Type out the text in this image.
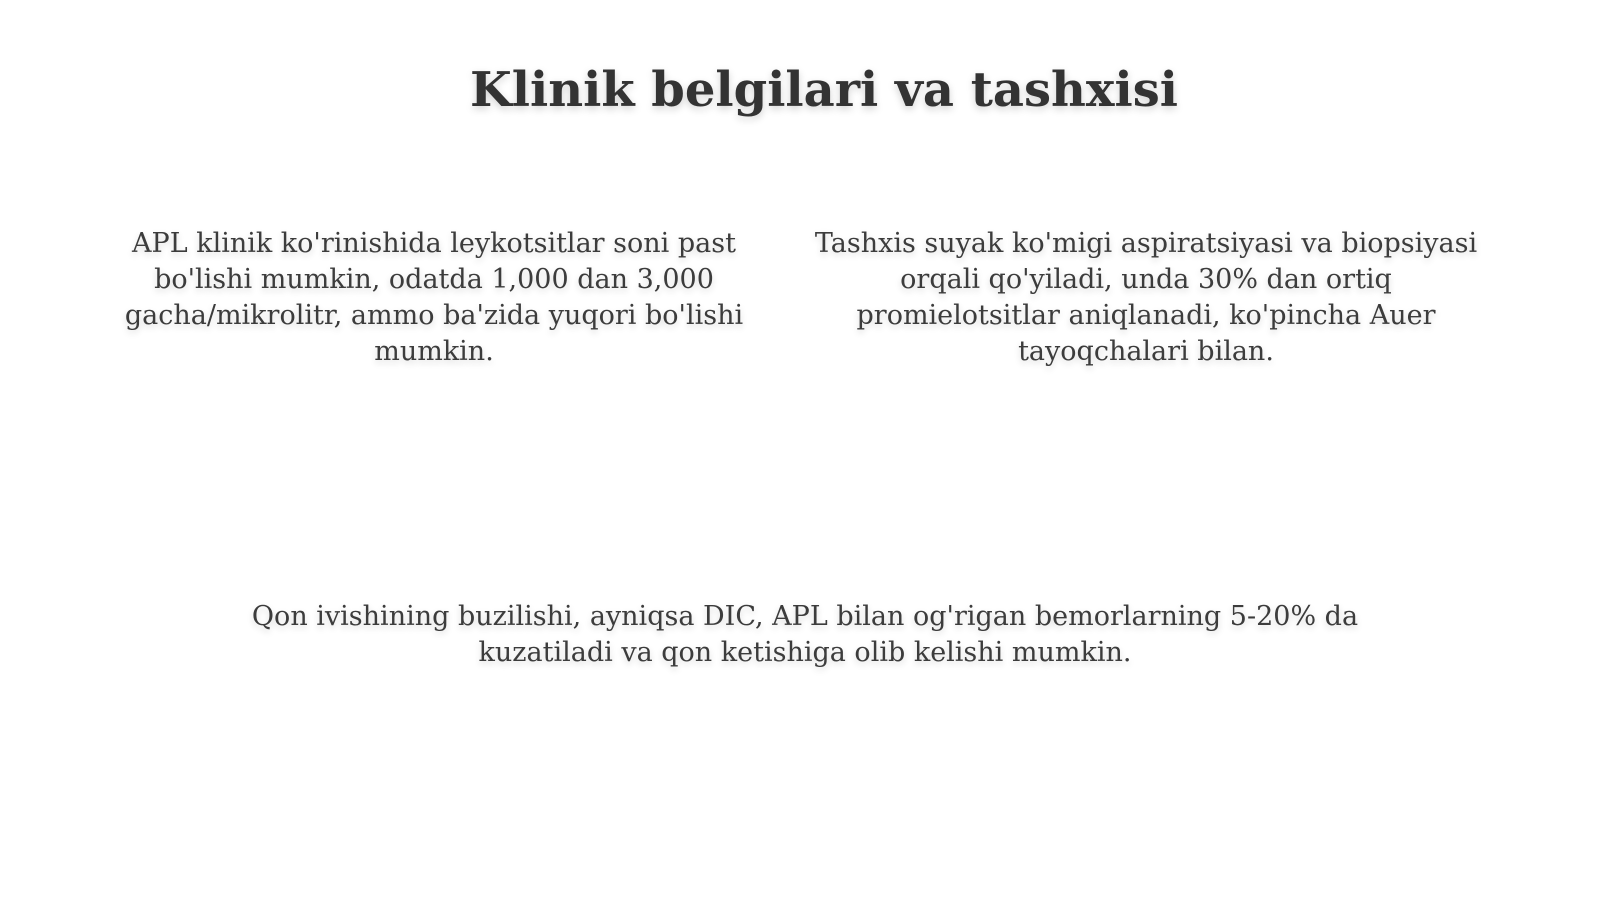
Klinik belgilari va tashxisi

APL klinik ko'rinishida leykotsitlar soni past bo'lishi mumkin, odatda 1,000 dan 3,000 gacha/mikrolitr, ammo ba'zida yuqori bo'lishi mumkin.

Tashxis suyak ko'migi aspiratsiyasi va biopsiyasi orqali qo'yiladi, unda 30% dan ortiq promielotsitlar aniqlanadi, ko'pincha Auer tayoqchalari bilan.

Qon ivishining buzilishi, ayniqsa DIC, APL bilan og'rigan bemorlarning 5-20% da kuzatiladi va qon ketishiga olib kelishi mumkin.
